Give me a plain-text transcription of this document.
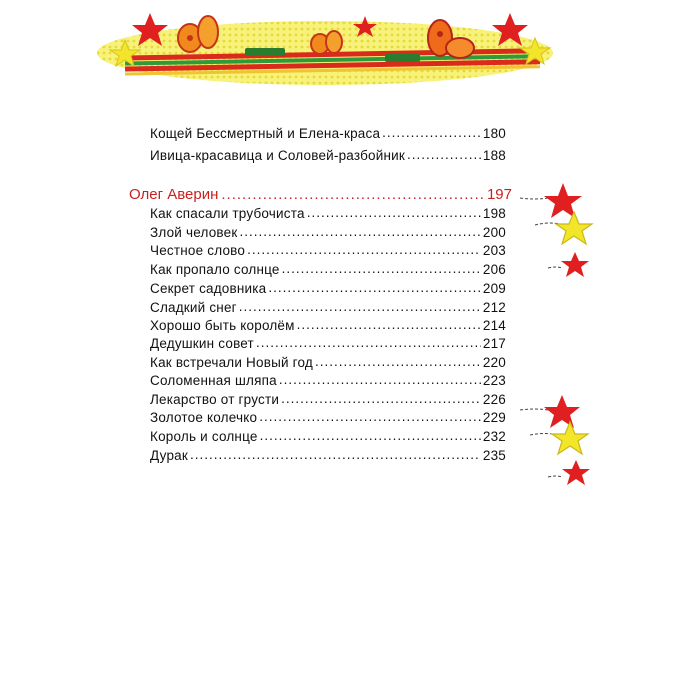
Кощей Бессмертный и Елена-краса .....	180
Ивица-красавица и Соловей-разбойник .....	188
Олег Аверин .....	197
Как спасали трубочиста .....	198
Злой человек .....	200
Честное слово .....	203
Как пропало солнце .....	206
Секрет садовника .....	209
Сладкий снег .....	212
Хорошо быть королём .....	214
Дедушкин совет .....	217
Как встречали Новый год .....	220
Соломенная шляпа .....	223
Лекарство от грусти .....	226
Золотое колечко .....	229
Король и солнце .....	232
Дурак .....	235
